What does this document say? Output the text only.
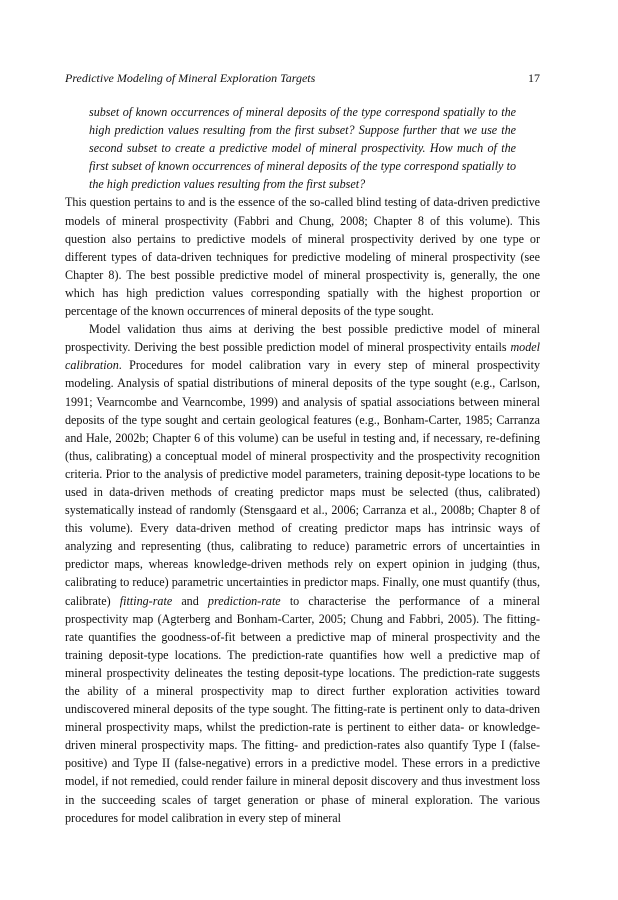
Predictive Modeling of Mineral Exploration Targets	17

subset of known occurrences of mineral deposits of the type correspond spatially to the high prediction values resulting from the first subset? Suppose further that we use the second subset to create a predictive model of mineral prospectivity. How much of the first subset of known occurrences of mineral deposits of the type correspond spatially to the high prediction values resulting from the first subset?

This question pertains to and is the essence of the so-called blind testing of data-driven predictive models of mineral prospectivity (Fabbri and Chung, 2008; Chapter 8 of this volume). This question also pertains to predictive models of mineral prospectivity derived by one type or different types of data-driven techniques for predictive modeling of mineral prospectivity (see Chapter 8). The best possible predictive model of mineral prospectivity is, generally, the one which has high prediction values corresponding spatially with the highest proportion or percentage of the known occurrences of mineral deposits of the type sought.

Model validation thus aims at deriving the best possible predictive model of mineral prospectivity. Deriving the best possible prediction model of mineral prospectivity entails model calibration. Procedures for model calibration vary in every step of mineral prospectivity modeling. Analysis of spatial distributions of mineral deposits of the type sought (e.g., Carlson, 1991; Vearncombe and Vearncombe, 1999) and analysis of spatial associations between mineral deposits of the type sought and certain geological features (e.g., Bonham-Carter, 1985; Carranza and Hale, 2002b; Chapter 6 of this volume) can be useful in testing and, if necessary, re-defining (thus, calibrating) a conceptual model of mineral prospectivity and the prospectivity recognition criteria. Prior to the analysis of predictive model parameters, training deposit-type locations to be used in data-driven methods of creating predictor maps must be selected (thus, calibrated) systematically instead of randomly (Stensgaard et al., 2006; Carranza et al., 2008b; Chapter 8 of this volume). Every data-driven method of creating predictor maps has intrinsic ways of analyzing and representing (thus, calibrating to reduce) parametric errors of uncertainties in predictor maps, whereas knowledge-driven methods rely on expert opinion in judging (thus, calibrating to reduce) parametric uncertainties in predictor maps. Finally, one must quantify (thus, calibrate) fitting-rate and prediction-rate to characterise the performance of a mineral prospectivity map (Agterberg and Bonham-Carter, 2005; Chung and Fabbri, 2005). The fitting-rate quantifies the goodness-of-fit between a predictive map of mineral prospectivity and the training deposit-type locations. The prediction-rate quantifies how well a predictive map of mineral prospectivity delineates the testing deposit-type locations. The prediction-rate suggests the ability of a mineral prospectivity map to direct further exploration activities toward undiscovered mineral deposits of the type sought. The fitting-rate is pertinent only to data-driven mineral prospectivity maps, whilst the prediction-rate is pertinent to either data- or knowledge-driven mineral prospectivity maps. The fitting- and prediction-rates also quantify Type I (false-positive) and Type II (false-negative) errors in a predictive model. These errors in a predictive model, if not remedied, could render failure in mineral deposit discovery and thus investment loss in the succeeding scales of target generation or phase of mineral exploration. The various procedures for model calibration in every step of mineral
